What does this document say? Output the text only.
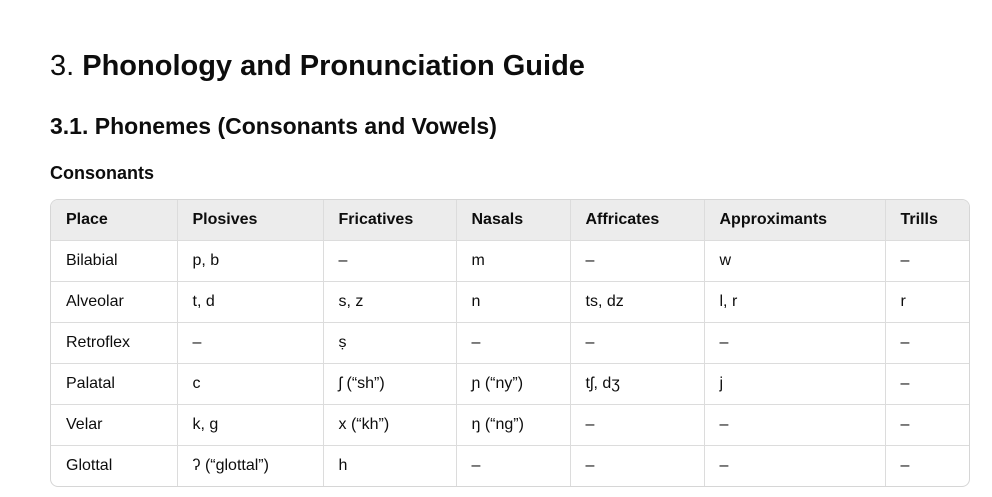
3. Phonology and Pronunciation Guide
3.1. Phonemes (Consonants and Vowels)
Consonants
Place	Plosives	Fricatives	Nasals	Affricates	Approximants	Trills
Bilabial	p, b	–	m	–	w	–
Alveolar	t, d	s, z	n	ts, dz	l, r	r
Retroflex	–	ṣ	–	–	–	–
Palatal	c	ʃ (“sh”)	ɲ (“ny”)	tʃ, dʒ	j	–
Velar	k, g	x (“kh”)	ŋ (“ng”)	–	–	–
Glottal	ʔ (“glottal”)	h	–	–	–	–
